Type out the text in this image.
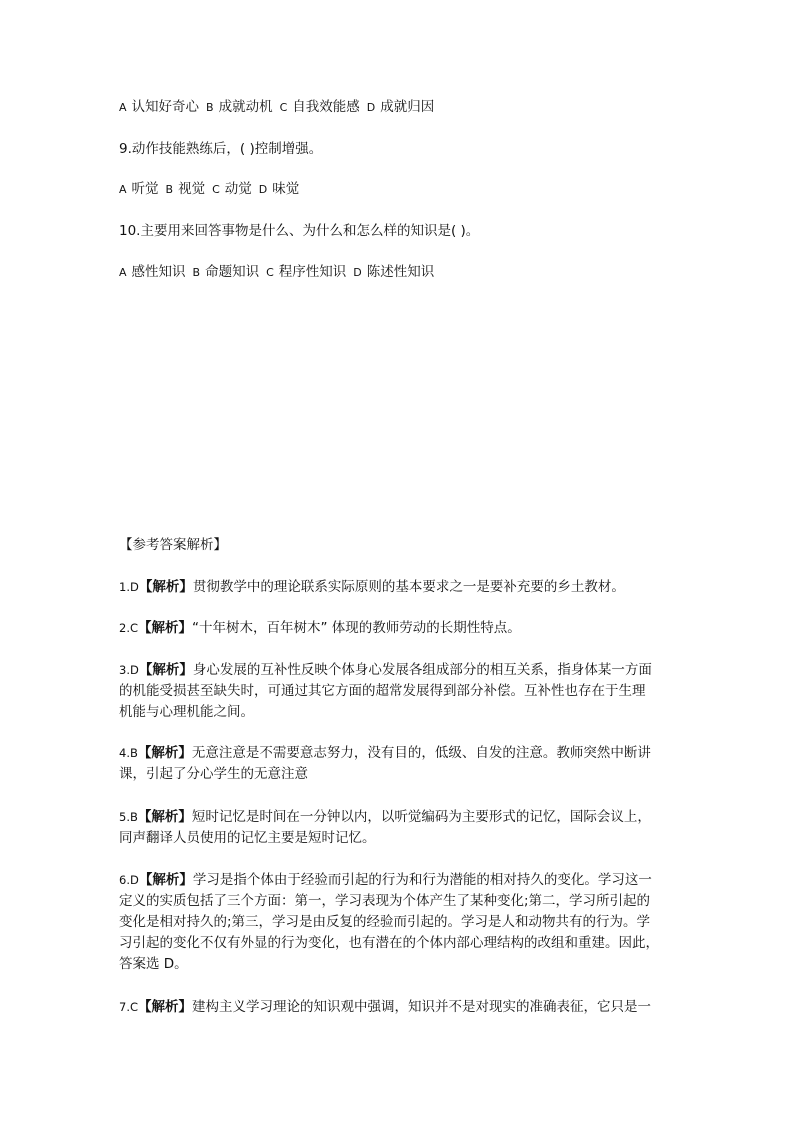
A 认知好奇心 B 成就动机 C 自我效能感 D 成就归因
9.动作技能熟练后，( )控制增强。
A 听觉 B 视觉 C 动觉 D 味觉
10.主要用来回答事物是什么、为什么和怎么样的知识是( )。
A 感性知识 B 命题知识 C 程序性知识 D 陈述性知识
【参考答案解析】
1.D【解析】贯彻教学中的理论联系实际原则的基本要求之一是要补充要的乡土教材。
2.C【解析】“十年树木，百年树木” 体现的教师劳动的长期性特点。
3.D【解析】身心发展的互补性反映个体身心发展各组成部分的相互关系，指身体某一方面
的机能受损甚至缺失时，可通过其它方面的超常发展得到部分补偿。互补性也存在于生理
机能与心理机能之间。
4.B【解析】无意注意是不需要意志努力，没有目的，低级、自发的注意。教师突然中断讲
课，引起了分心学生的无意注意
5.B【解析】短时记忆是时间在一分钟以内，以听觉编码为主要形式的记忆，国际会议上，
同声翻译人员使用的记忆主要是短时记忆。
6.D【解析】学习是指个体由于经验而引起的行为和行为潜能的相对持久的变化。学习这一
定义的实质包括了三个方面：第一，学习表现为个体产生了某种变化;第二，学习所引起的
变化是相对持久的;第三，学习是由反复的经验而引起的。学习是人和动物共有的行为。学
习引起的变化不仅有外显的行为变化，也有潜在的个体内部心理结构的改组和重建。因此，
答案选 D。
7.C【解析】建构主义学习理论的知识观中强调，知识并不是对现实的准确表征，它只是一
